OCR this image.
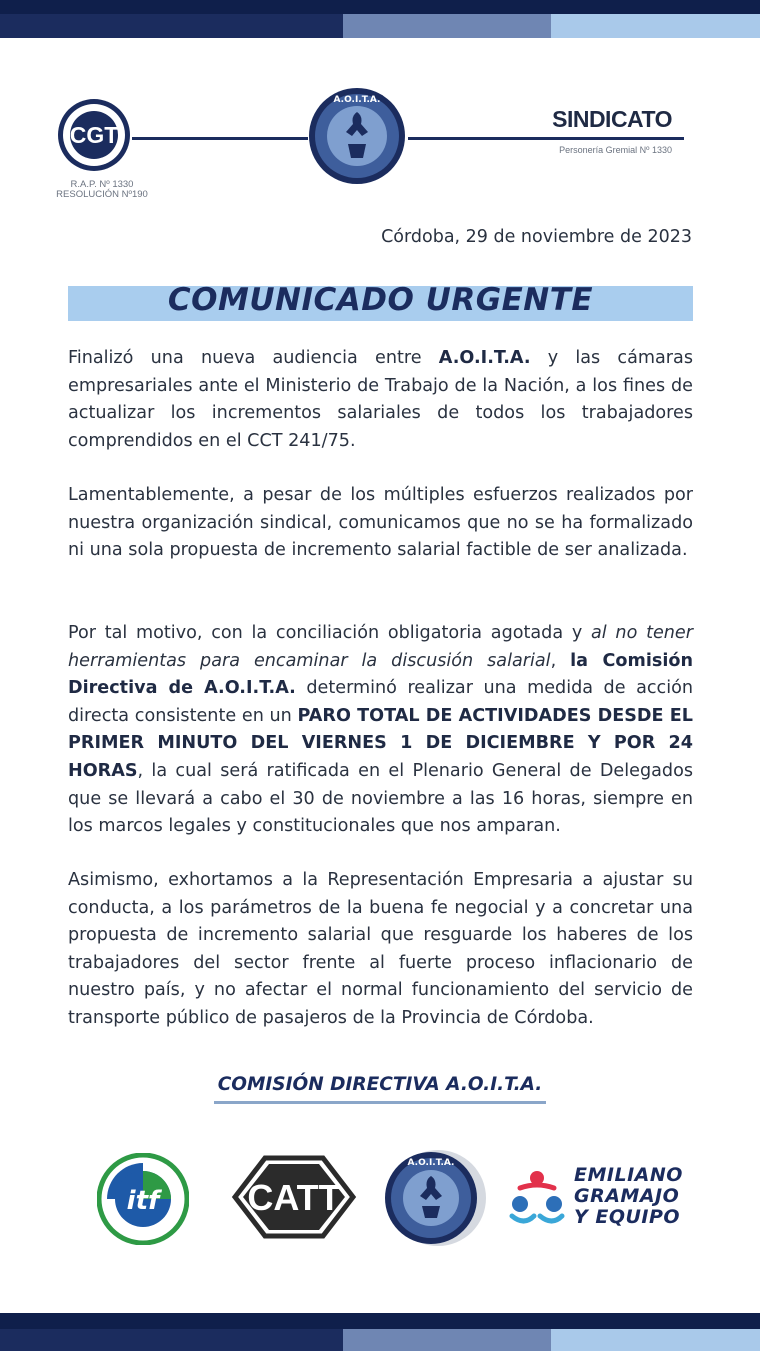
CGT
R.A.P. Nº 1330
RESOLUCIÓN Nº190
A.O.I.T.A.
SINDICATO
Personería Gremial Nº 1330
Córdoba, 29 de noviembre de 2023
COMUNICADO URGENTE
Finalizó una nueva audiencia entre A.O.I.T.A. y las cámaras empresariales ante el Ministerio de Trabajo de la Nación, a los fines de actualizar los incrementos salariales de todos los trabajadores comprendidos en el CCT 241/75.
Lamentablemente, a pesar de los múltiples esfuerzos realizados por nuestra organización sindical, comunicamos que no se ha formalizado ni una sola propuesta de incremento salarial factible de ser analizada.
Por tal motivo, con la conciliación obligatoria agotada y al no tener herramientas para encaminar la discusión salarial, la Comisión Directiva de A.O.I.T.A. determinó realizar una medida de acción directa consistente en un PARO TOTAL DE ACTIVIDADES DESDE EL PRIMER MINUTO DEL VIERNES 1 DE DICIEMBRE Y POR 24 HORAS, la cual será ratificada en el Plenario General de Delegados que se llevará a cabo el 30 de noviembre a las 16 horas, siempre en los marcos legales y constitucionales que nos amparan.
Asimismo, exhortamos a la Representación Empresaria a ajustar su conducta, a los parámetros de la buena fe negocial y a concretar una propuesta de incremento salarial que resguarde los haberes de los trabajadores del sector frente al fuerte proceso inflacionario de nuestro país, y no afectar el normal funcionamiento del servicio de transporte público de pasajeros de la Provincia de Córdoba.
COMISIÓN DIRECTIVA A.O.I.T.A.
itf CATT
A.O.I.T.A.
EMILIANO
GRAMAJO
Y EQUIPO
